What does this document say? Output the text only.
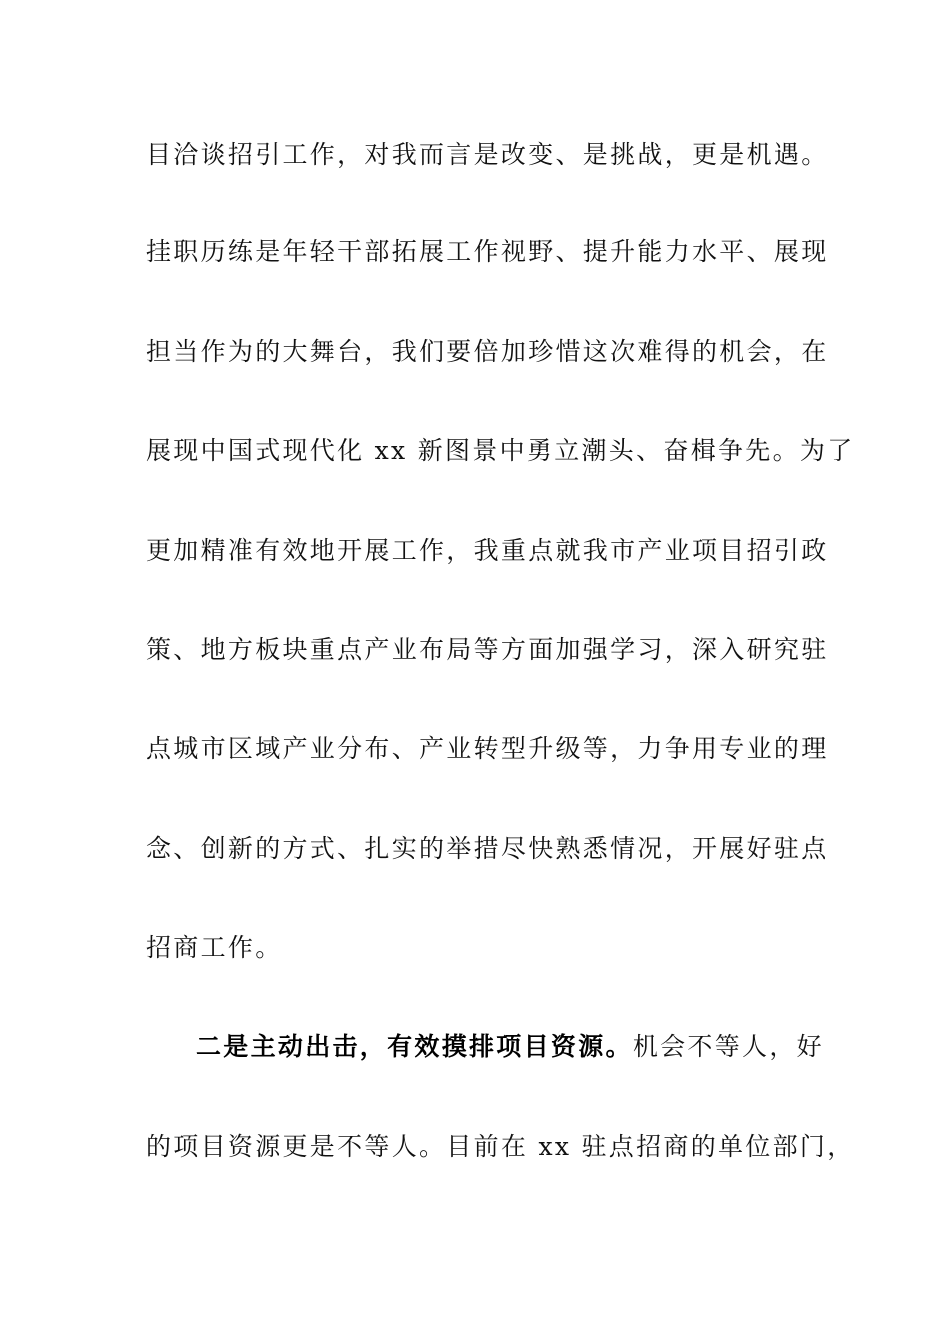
目洽谈招引工作，对我而言是改变、是挑战，更是机遇。
挂职历练是年轻干部拓展工作视野、提升能力水平、展现
担当作为的大舞台，我们要倍加珍惜这次难得的机会，在
展现中国式现代化 xx 新图景中勇立潮头、奋楫争先。为了
更加精准有效地开展工作，我重点就我市产业项目招引政
策、地方板块重点产业布局等方面加强学习，深入研究驻
点城市区域产业分布、产业转型升级等，力争用专业的理
念、创新的方式、扎实的举措尽快熟悉情况，开展好驻点
招商工作。
二是主动出击，有效摸排项目资源。机会不等人，好
的项目资源更是不等人。目前在 xx 驻点招商的单位部门，
